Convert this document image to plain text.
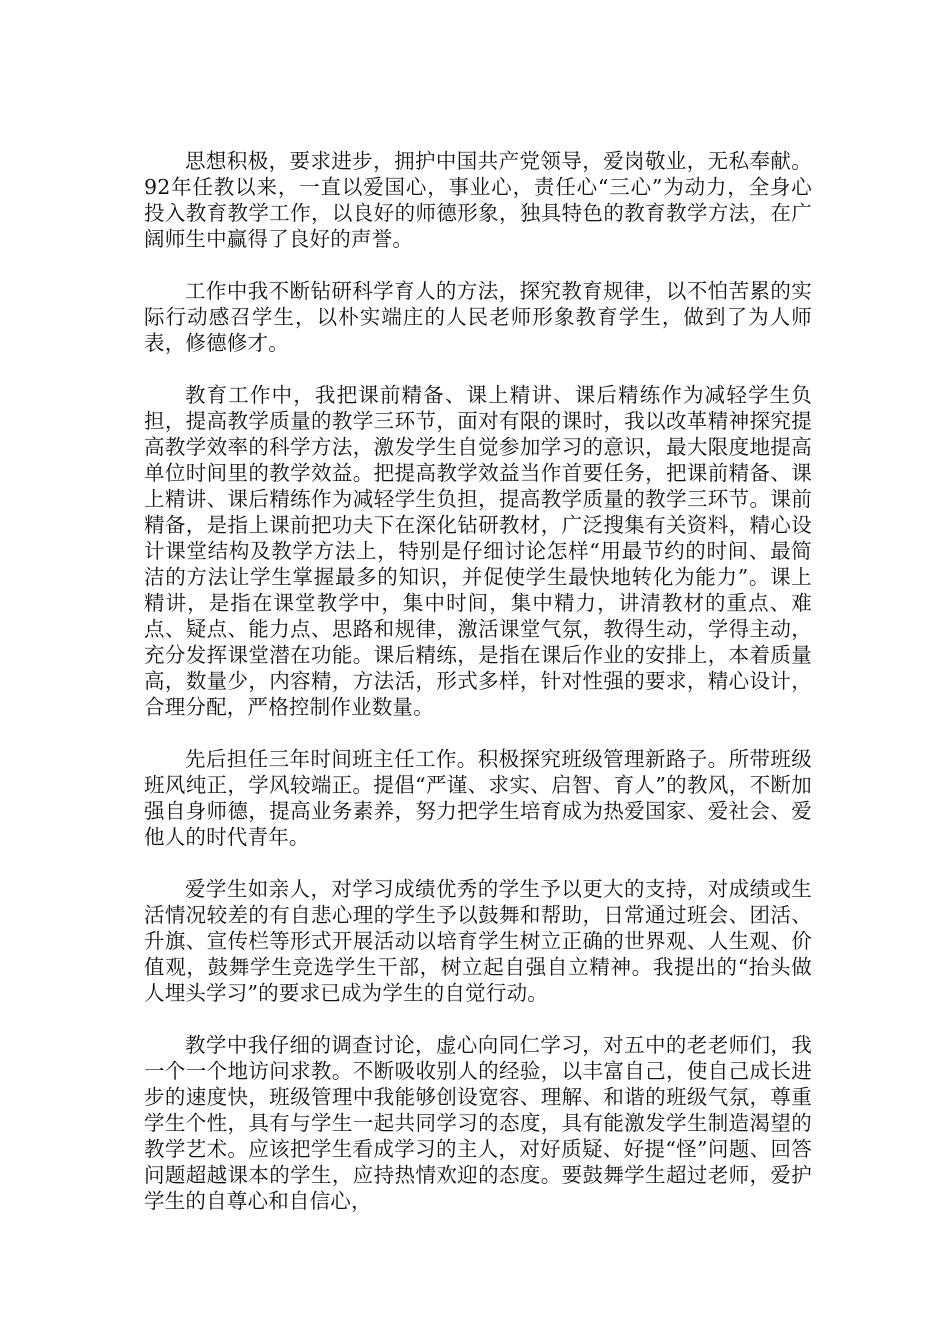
思想积极，要求进步，拥护中国共产党领导，爱岗敬业，无私奉献。92年任教以来，一直以爱国心，事业心，责任心“三心”为动力，全身心投入教育教学工作，以良好的师德形象，独具特色的教育教学方法，在广阔师生中赢得了良好的声誉。

工作中我不断钻研科学育人的方法，探究教育规律，以不怕苦累的实际行动感召学生，以朴实端庄的人民老师形象教育学生，做到了为人师表，修德修才。

教育工作中，我把课前精备、课上精讲、课后精练作为减轻学生负担，提高教学质量的教学三环节，面对有限的课时，我以改革精神探究提高教学效率的科学方法，激发学生自觉参加学习的意识，最大限度地提高单位时间里的教学效益。把提高教学效益当作首要任务，把课前精备、课上精讲、课后精练作为减轻学生负担，提高教学质量的教学三环节。课前精备，是指上课前把功夫下在深化钻研教材，广泛搜集有关资料，精心设计课堂结构及教学方法上，特别是仔细讨论怎样“用最节约的时间、最简洁的方法让学生掌握最多的知识，并促使学生最快地转化为能力”。课上精讲，是指在课堂教学中，集中时间，集中精力，讲清教材的重点、难点、疑点、能力点、思路和规律，激活课堂气氛，教得生动，学得主动，充分发挥课堂潜在功能。课后精练，是指在课后作业的安排上，本着质量高，数量少，内容精，方法活，形式多样，针对性强的要求，精心设计，合理分配，严格控制作业数量。

先后担任三年时间班主任工作。积极探究班级管理新路子。所带班级班风纯正，学风较端正。提倡“严谨、求实、启智、育人”的教风，不断加强自身师德，提高业务素养，努力把学生培育成为热爱国家、爱社会、爱他人的时代青年。

爱学生如亲人，对学习成绩优秀的学生予以更大的支持，对成绩或生活情况较差的有自悲心理的学生予以鼓舞和帮助，日常通过班会、团活、升旗、宣传栏等形式开展活动以培育学生树立正确的世界观、人生观、价值观，鼓舞学生竞选学生干部，树立起自强自立精神。我提出的“抬头做人埋头学习”的要求已成为学生的自觉行动。

教学中我仔细的调查讨论，虚心向同仁学习，对五中的老老师们，我一个一个地访问求教。不断吸收别人的经验，以丰富自己，使自己成长进步的速度快，班级管理中我能够创设宽容、理解、和谐的班级气氛，尊重学生个性，具有与学生一起共同学习的态度，具有能激发学生制造渴望的教学艺术。应该把学生看成学习的主人，对好质疑、好提“怪”问题、回答问题超越课本的学生，应持热情欢迎的态度。要鼓舞学生超过老师，爱护学生的自尊心和自信心，
